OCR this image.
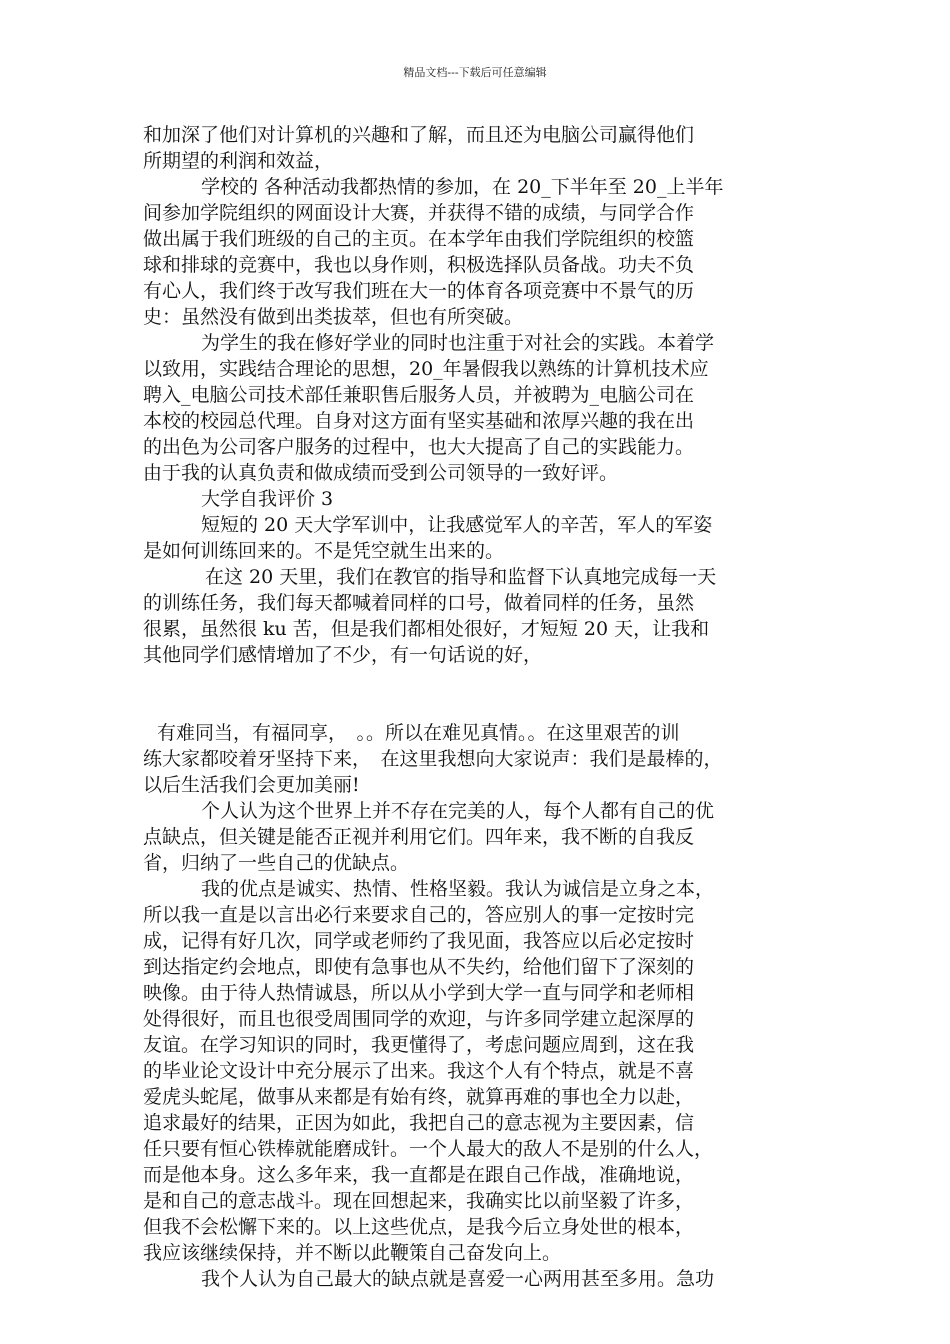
精品文档---下载后可任意编辑
和加深了他们对计算机的兴趣和了解，而且还为电脑公司赢得他们
所期望的利润和效益，
学校的 各种活动我都热情的参加，在 20_下半年至 20_上半年
间参加学院组织的网面设计大赛，并获得不错的成绩，与同学合作
做出属于我们班级的自己的主页。在本学年由我们学院组织的校篮
球和排球的竞赛中，我也以身作则，积极选择队员备战。功夫不负
有心人，我们终于改写我们班在大一的体育各项竞赛中不景气的历
史：虽然没有做到出类拔萃，但也有所突破。
为学生的我在修好学业的同时也注重于对社会的实践。本着学
以致用，实践结合理论的思想，20_年暑假我以熟练的计算机技术应
聘入_电脑公司技术部任兼职售后服务人员，并被聘为_电脑公司在
本校的校园总代理。自身对这方面有坚实基础和浓厚兴趣的我在出
的出色为公司客户服务的过程中，也大大提高了自己的实践能力。
由于我的认真负责和做成绩而受到公司领导的一致好评。
大学自我评价 3
短短的 20 天大学军训中，让我感觉军人的辛苦，军人的军姿
是如何训练回来的。不是凭空就生出来的。
在这 20 天里，我们在教官的指导和监督下认真地完成每一天
的训练任务，我们每天都喊着同样的口号，做着同样的任务，虽然
很累，虽然很 ku 苦，但是我们都相处很好，才短短 20 天，让我和
其他同学们感情增加了不少，有一句话说的好，
有难同当，有福同享，　。。所以在难见真情。。在这里艰苦的训
练大家都咬着牙坚持下来，　在这里我想向大家说声：我们是最棒的，
以后生活我们会更加美丽!
个人认为这个世界上并不存在完美的人，每个人都有自己的优
点缺点，但关键是能否正视并利用它们。四年来，我不断的自我反
省，归纳了一些自己的优缺点。
我的优点是诚实、热情、性格坚毅。我认为诚信是立身之本，
所以我一直是以言出必行来要求自己的，答应别人的事一定按时完
成，记得有好几次，同学或老师约了我见面，我答应以后必定按时
到达指定约会地点，即使有急事也从不失约，给他们留下了深刻的
映像。由于待人热情诚恳，所以从小学到大学一直与同学和老师相
处得很好，而且也很受周围同学的欢迎，与许多同学建立起深厚的
友谊。在学习知识的同时，我更懂得了，考虑问题应周到，这在我
的毕业论文设计中充分展示了出来。我这个人有个特点，就是不喜
爱虎头蛇尾，做事从来都是有始有终，就算再难的事也全力以赴，
追求最好的结果，正因为如此，我把自己的意志视为主要因素，信
任只要有恒心铁棒就能磨成针。一个人最大的敌人不是别的什么人，
而是他本身。这么多年来，我一直都是在跟自己作战，准确地说，
是和自己的意志战斗。现在回想起来，我确实比以前坚毅了许多，
但我不会松懈下来的。以上这些优点，是我今后立身处世的根本，
我应该继续保持，并不断以此鞭策自己奋发向上。
我个人认为自己最大的缺点就是喜爱一心两用甚至多用。急功
